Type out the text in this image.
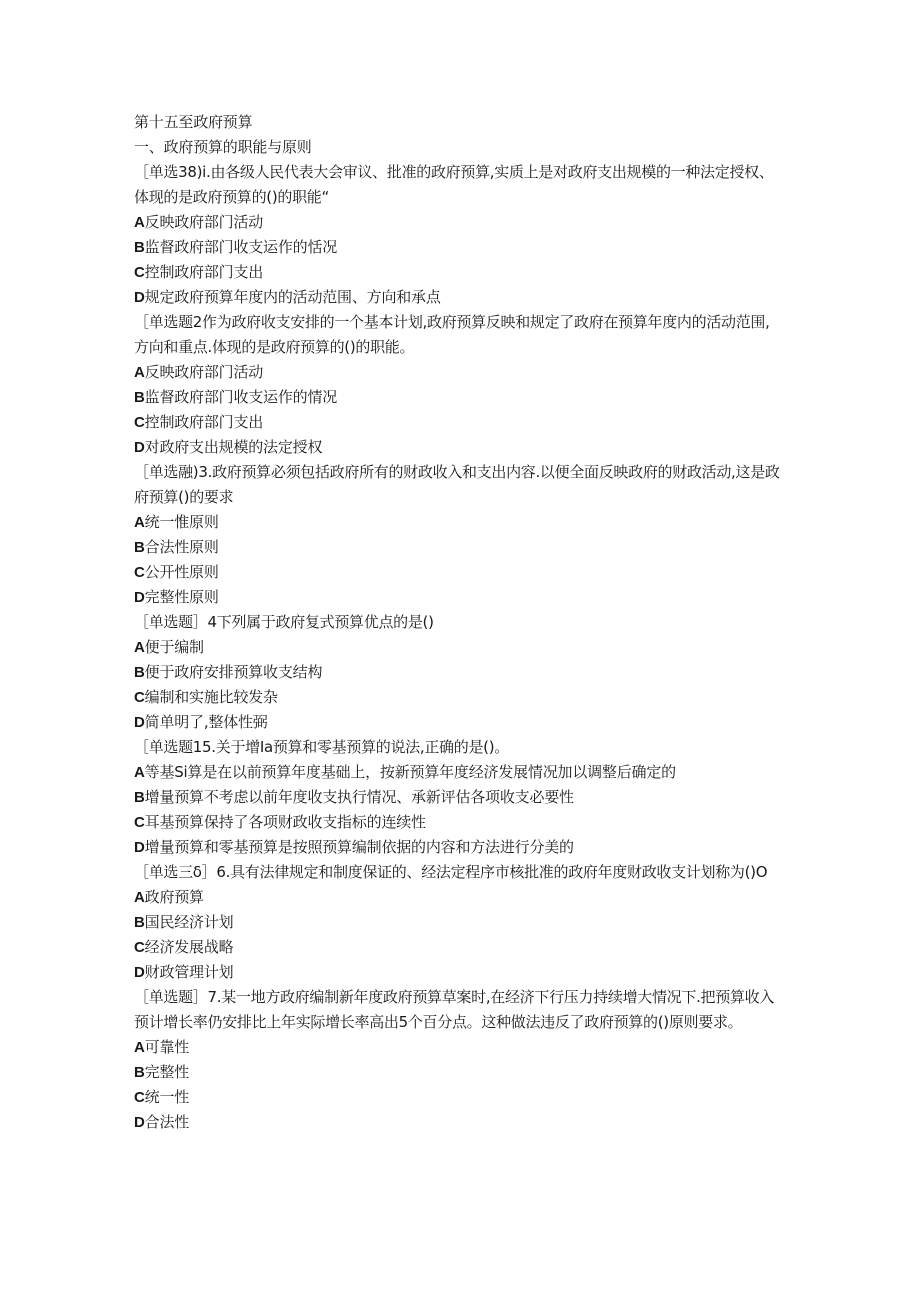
第十五至政府预算
一、政府预算的职能与原则
［单选38)i.由各级人民代表大会审议、批准的政府预算,实质上是对政府支出规模的一种法定授权、体现的是政府预算的()的职能“
A反映政府部门活动
B监督政府部门收支运作的恬况
C控制政府部门支出
D规定政府预算年度内的活动范围、方向和承点
［单选题2作为政府收支安排的一个基本计划,政府预算反映和规定了政府在预算年度内的活动范围,方向和重点.体现的是政府预算的()的职能。
A反映政府部门活动
B监督政府部门收支运作的情况
C控制政府部门支出
D对政府支出规模的法定授权
［单选融)3.政府预算必须包括政府所有的财政收入和支出内容.以便全面反映政府的财政活动,这是政府预算()的要求
A统一惟原则
B合法性原则
C公开性原则
D完整性原则
［单选题］4下列属于政府复式预算优点的是()
A便于编制
B便于政府安排预算收支结构
C编制和实施比较发杂
D简单明了,整体性弼
［单选题15.关于增Ia预算和零基预算的说法,正确的是()。
A等基Si算是在以前预算年度基础上，按新预算年度经济发展情况加以调整后确定的
B增量预算不考虑以前年度收支执行情况、承新评估各项收支必要性
C耳基预算保持了各项财政收支指标的连续性
D增量预算和零基预算是按照预算编制依据的内容和方法进行分美的
［单选三δ］6.具有法律规定和制度保证的、经法定程序市核批准的政府年度财政收支计划称为()O
A政府预算
B国民经济计划
C经济发展战略
D财政管理计划
［单选题］7.某一地方政府编制新年度政府预算草案时,在经济下行压力持续增大情况下.把预算收入预计增长率仍安排比上年实际增长率高出5个百分点。这种做法违反了政府预算的()原则要求。
A可靠性
B完整性
C统一性
D合法性
